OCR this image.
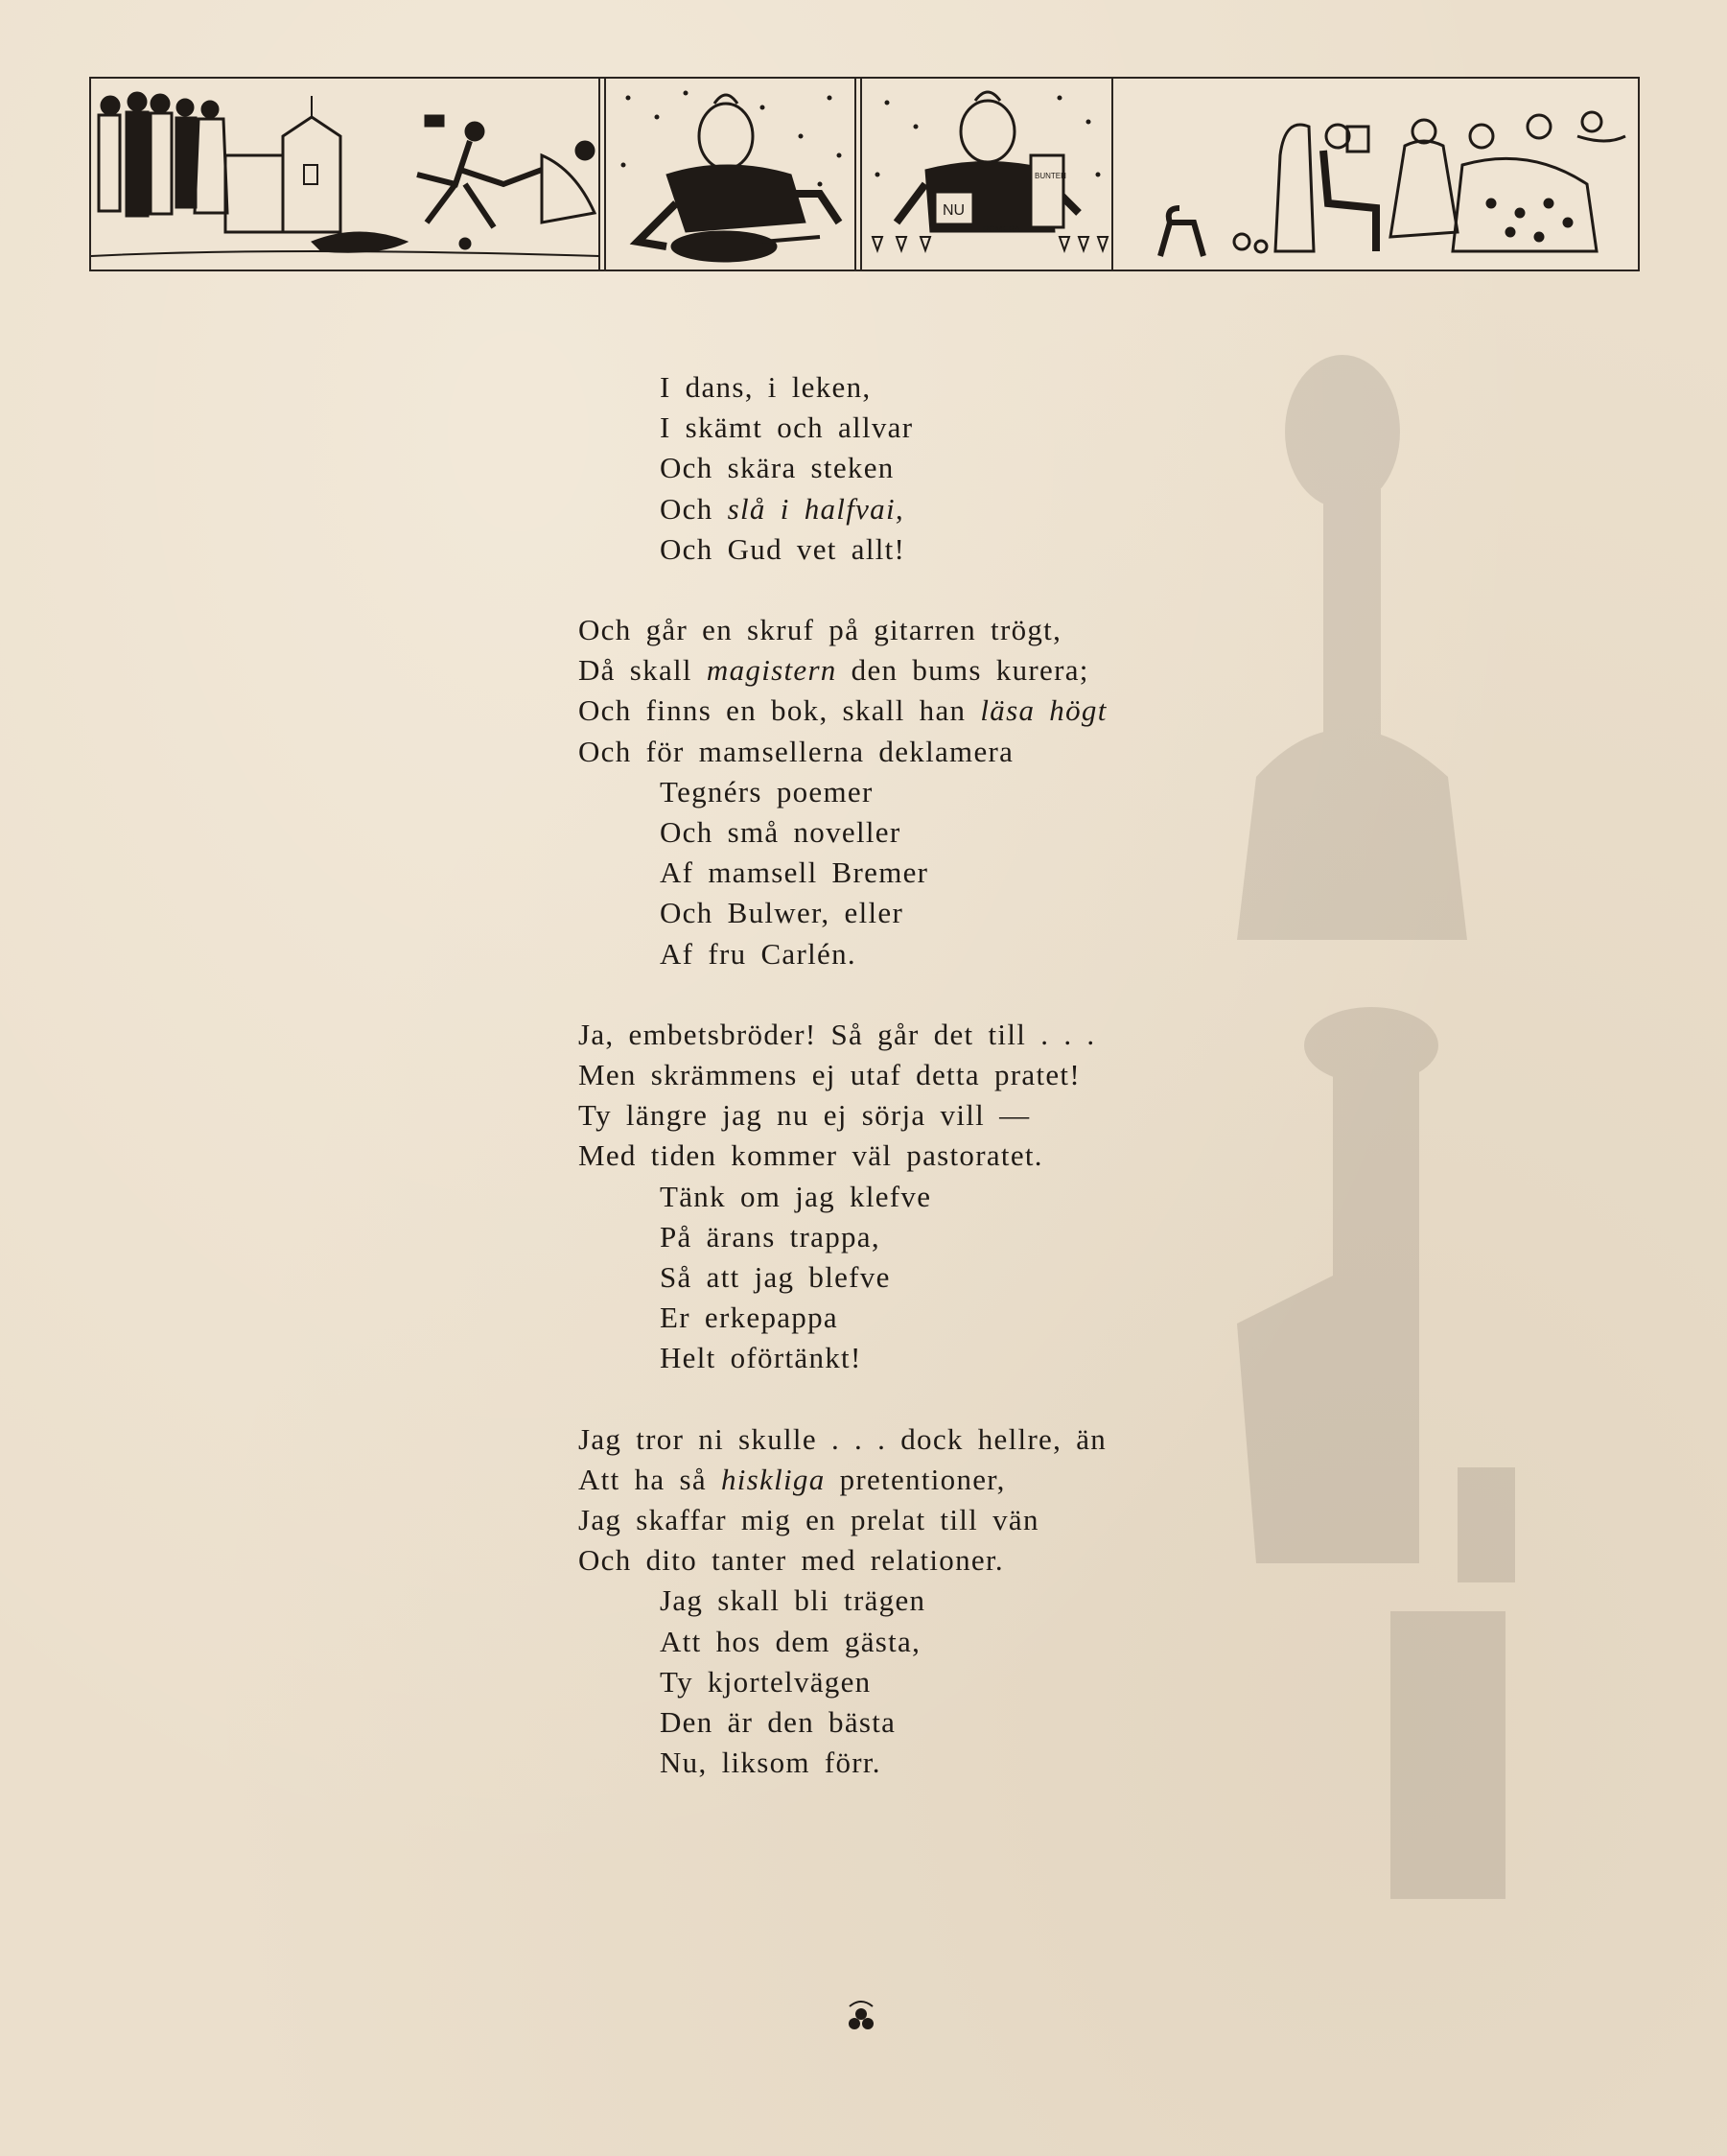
NU
BUNTEN
POMERA
I dans, i leken,
I skämt och allvar
Och skära steken
Och slå i halfvai,
Och Gud vet allt!
Och går en skruf på gitarren trögt,
Då skall magistern den bums kurera;
Och finns en bok, skall han läsa högt
Och för mamsellerna deklamera
Tegnérs poemer
Och små noveller
Af mamsell Bremer
Och Bulwer, eller
Af fru Carlén.
Ja, embetsbröder! Så går det till . . .
Men skrämmens ej utaf detta pratet!
Ty längre jag nu ej sörja vill —
Med tiden kommer väl pastoratet.
Tänk om jag klefve
På ärans trappa,
Så att jag blefve
Er erkepappa
Helt oförtänkt!
Jag tror ni skulle . . . dock hellre, än
Att ha så hiskliga pretentioner,
Jag skaffar mig en prelat till vän
Och dito tanter med relationer.
Jag skall bli trägen
Att hos dem gästa,
Ty kjortelvägen
Den är den bästa
Nu, liksom förr.
